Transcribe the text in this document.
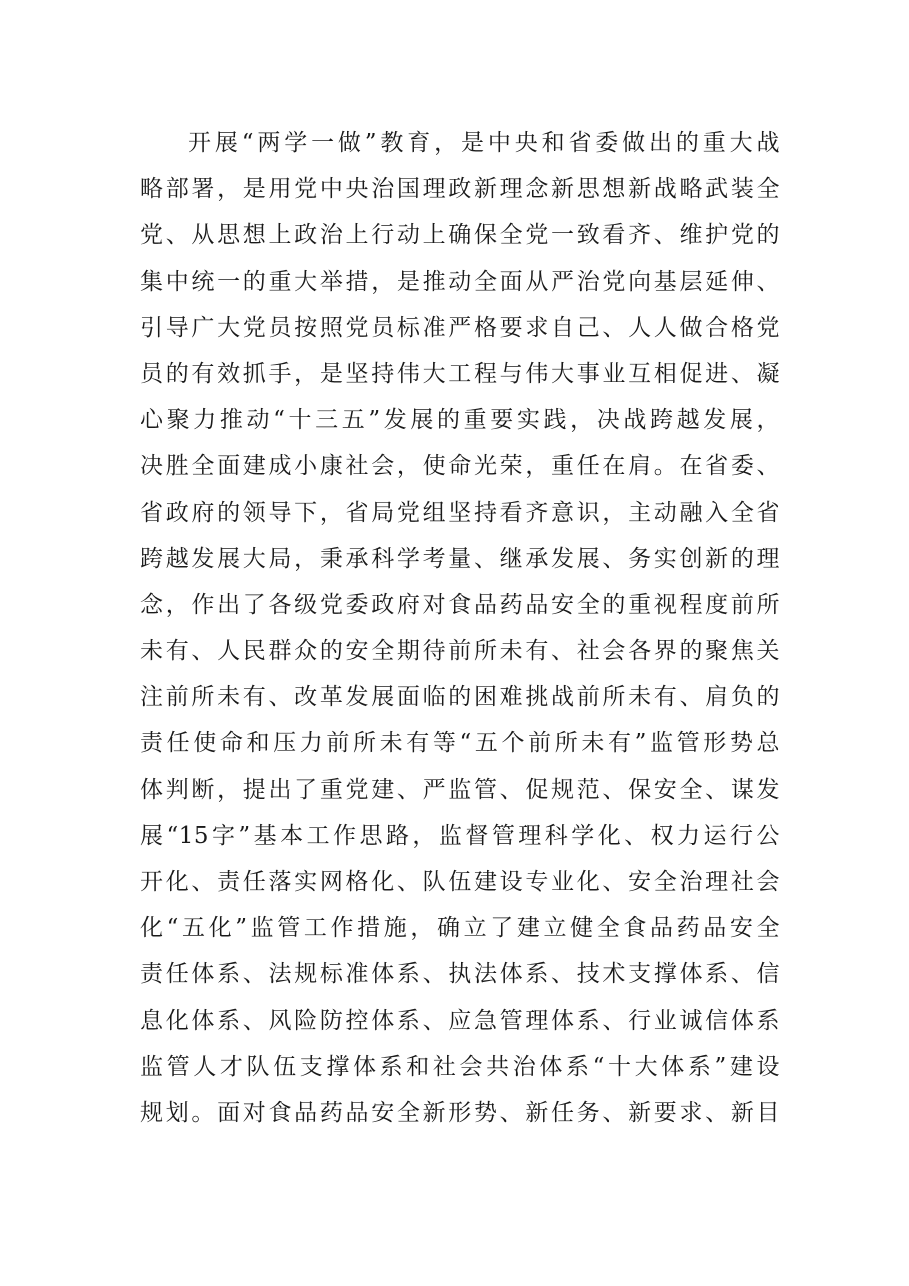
开展“两学一做”教育，是中央和省委做出的重大战
略部署，是用党中央治国理政新理念新思想新战略武装全
党、从思想上政治上行动上确保全党一致看齐、维护党的
集中统一的重大举措，是推动全面从严治党向基层延伸、
引导广大党员按照党员标准严格要求自己、人人做合格党
员的有效抓手，是坚持伟大工程与伟大事业互相促进、凝
心聚力推动“十三五”发展的重要实践，决战跨越发展，
决胜全面建成小康社会，使命光荣，重任在肩。在省委、
省政府的领导下，省局党组坚持看齐意识，主动融入全省
跨越发展大局，秉承科学考量、继承发展、务实创新的理
念，作出了各级党委政府对食品药品安全的重视程度前所
未有、人民群众的安全期待前所未有、社会各界的聚焦关
注前所未有、改革发展面临的困难挑战前所未有、肩负的
责任使命和压力前所未有等“五个前所未有”监管形势总
体判断，提出了重党建、严监管、促规范、保安全、谋发
展“15字”基本工作思路，监督管理科学化、权力运行公
开化、责任落实网格化、队伍建设专业化、安全治理社会
化“五化”监管工作措施，确立了建立健全食品药品安全
责任体系、法规标准体系、执法体系、技术支撑体系、信
息化体系、风险防控体系、应急管理体系、行业诚信体系
监管人才队伍支撑体系和社会共治体系“十大体系”建设
规划。面对食品药品安全新形势、新任务、新要求、新目
